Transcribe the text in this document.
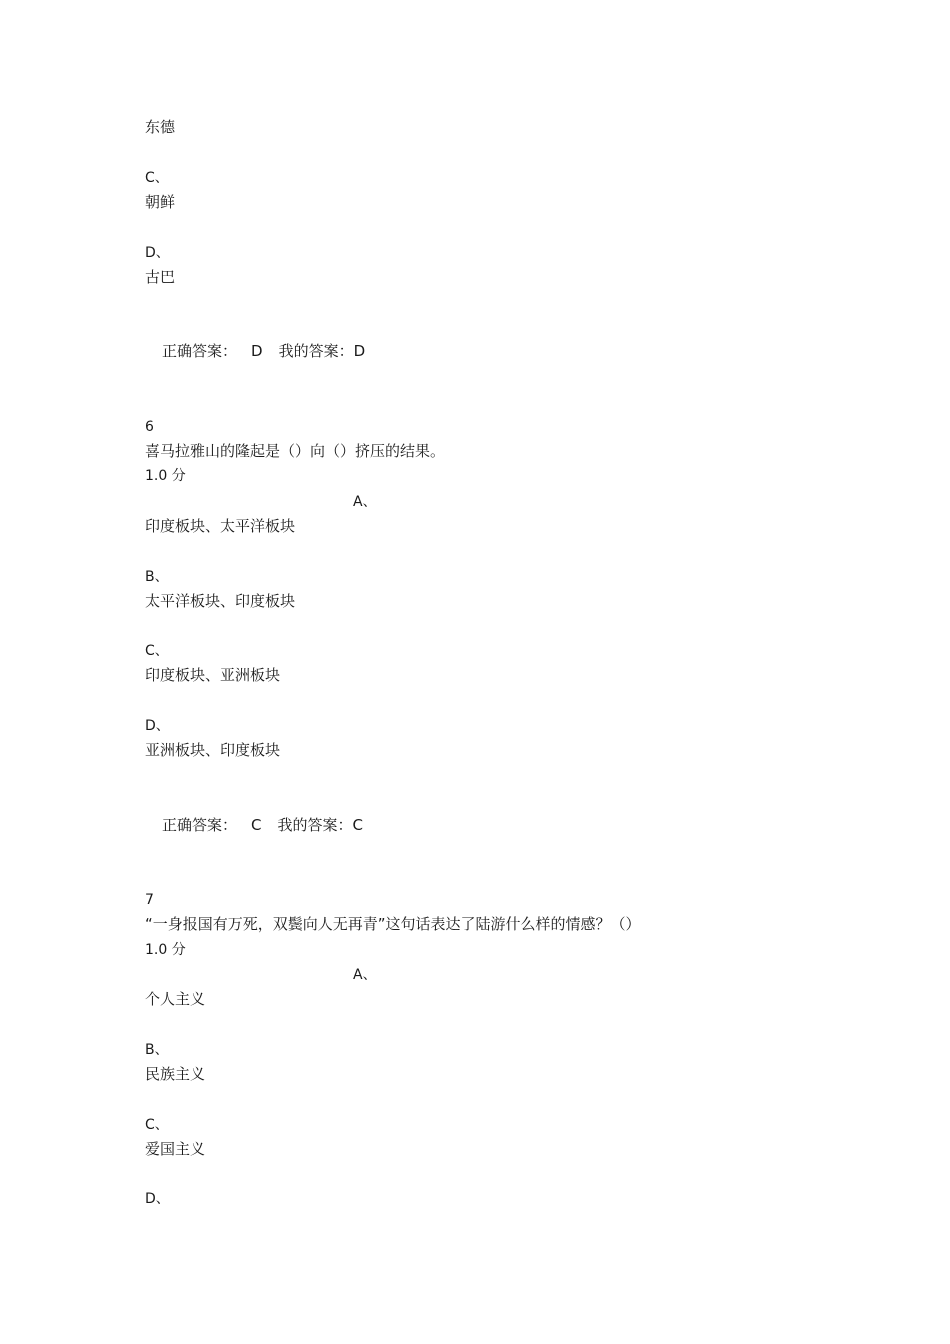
东德
C、
朝鲜
D、
古巴
正确答案： D 我的答案：D
6
喜马拉雅山的隆起是（）向（）挤压的结果。
1.0 分
A、
印度板块、太平洋板块
B、
太平洋板块、印度板块
C、
印度板块、亚洲板块
D、
亚洲板块、印度板块
正确答案： C 我的答案：C
7
“一身报国有万死，双鬓向人无再青”这句话表达了陆游什么样的情感？（）
1.0 分
A、
个人主义
B、
民族主义
C、
爱国主义
D、
